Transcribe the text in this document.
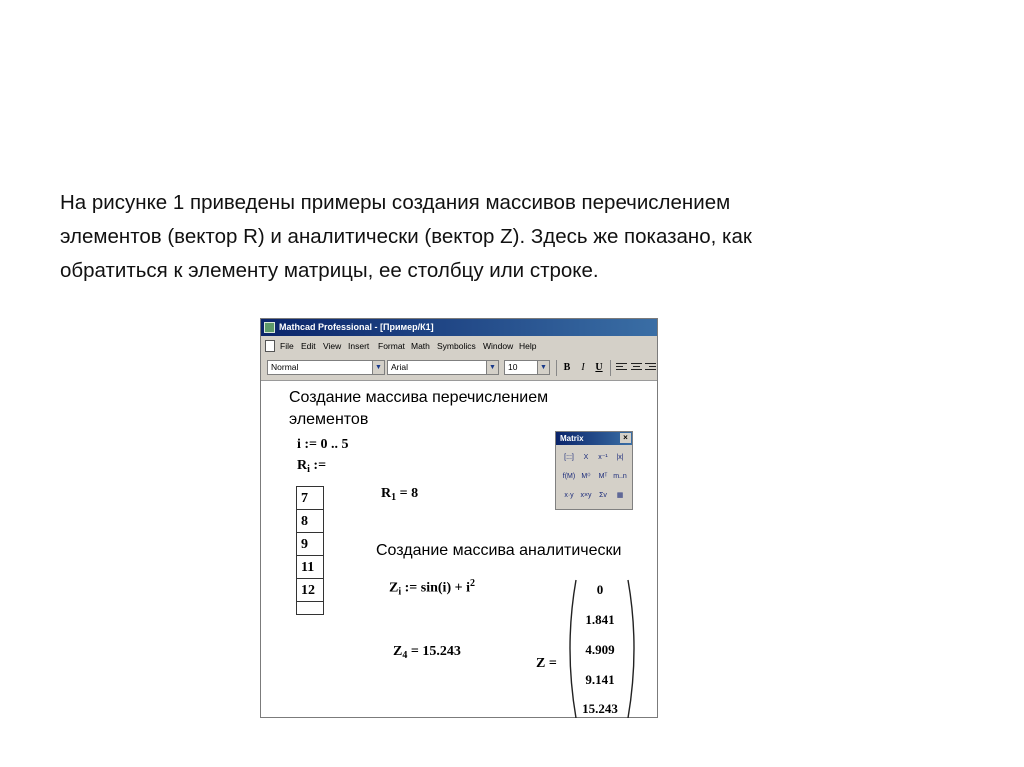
На рисунке 1 приведены примеры создания массивов перечислением

элементов (вектор R) и аналитически (вектор Z). Здесь же показано, как

обратиться к элементу матрицы, ее столбцу или строке.

Mathcad Professional - [Пример/К1]
File Edit View Insert Format Math Symbolics Window Help
Normal	▼	Arial	▼	10	▼	B	I	U
Создание массива перечислением
элементов
i := 0 .. 5
$R_i$ :=
7
8
9
11
12
$R_1 = 8$
Создание массива аналитически
$Z_i$ := $\sin(i) + i^2$
$Z_4 = 15.243$
Z =
0
1.841
4.909
9.141
15.243
Matrix	×
[:::]	X	x⁻¹	|x|
f(M) M⁽⁾	Mᵀ m..n
x·y x×y	Σv	▦
